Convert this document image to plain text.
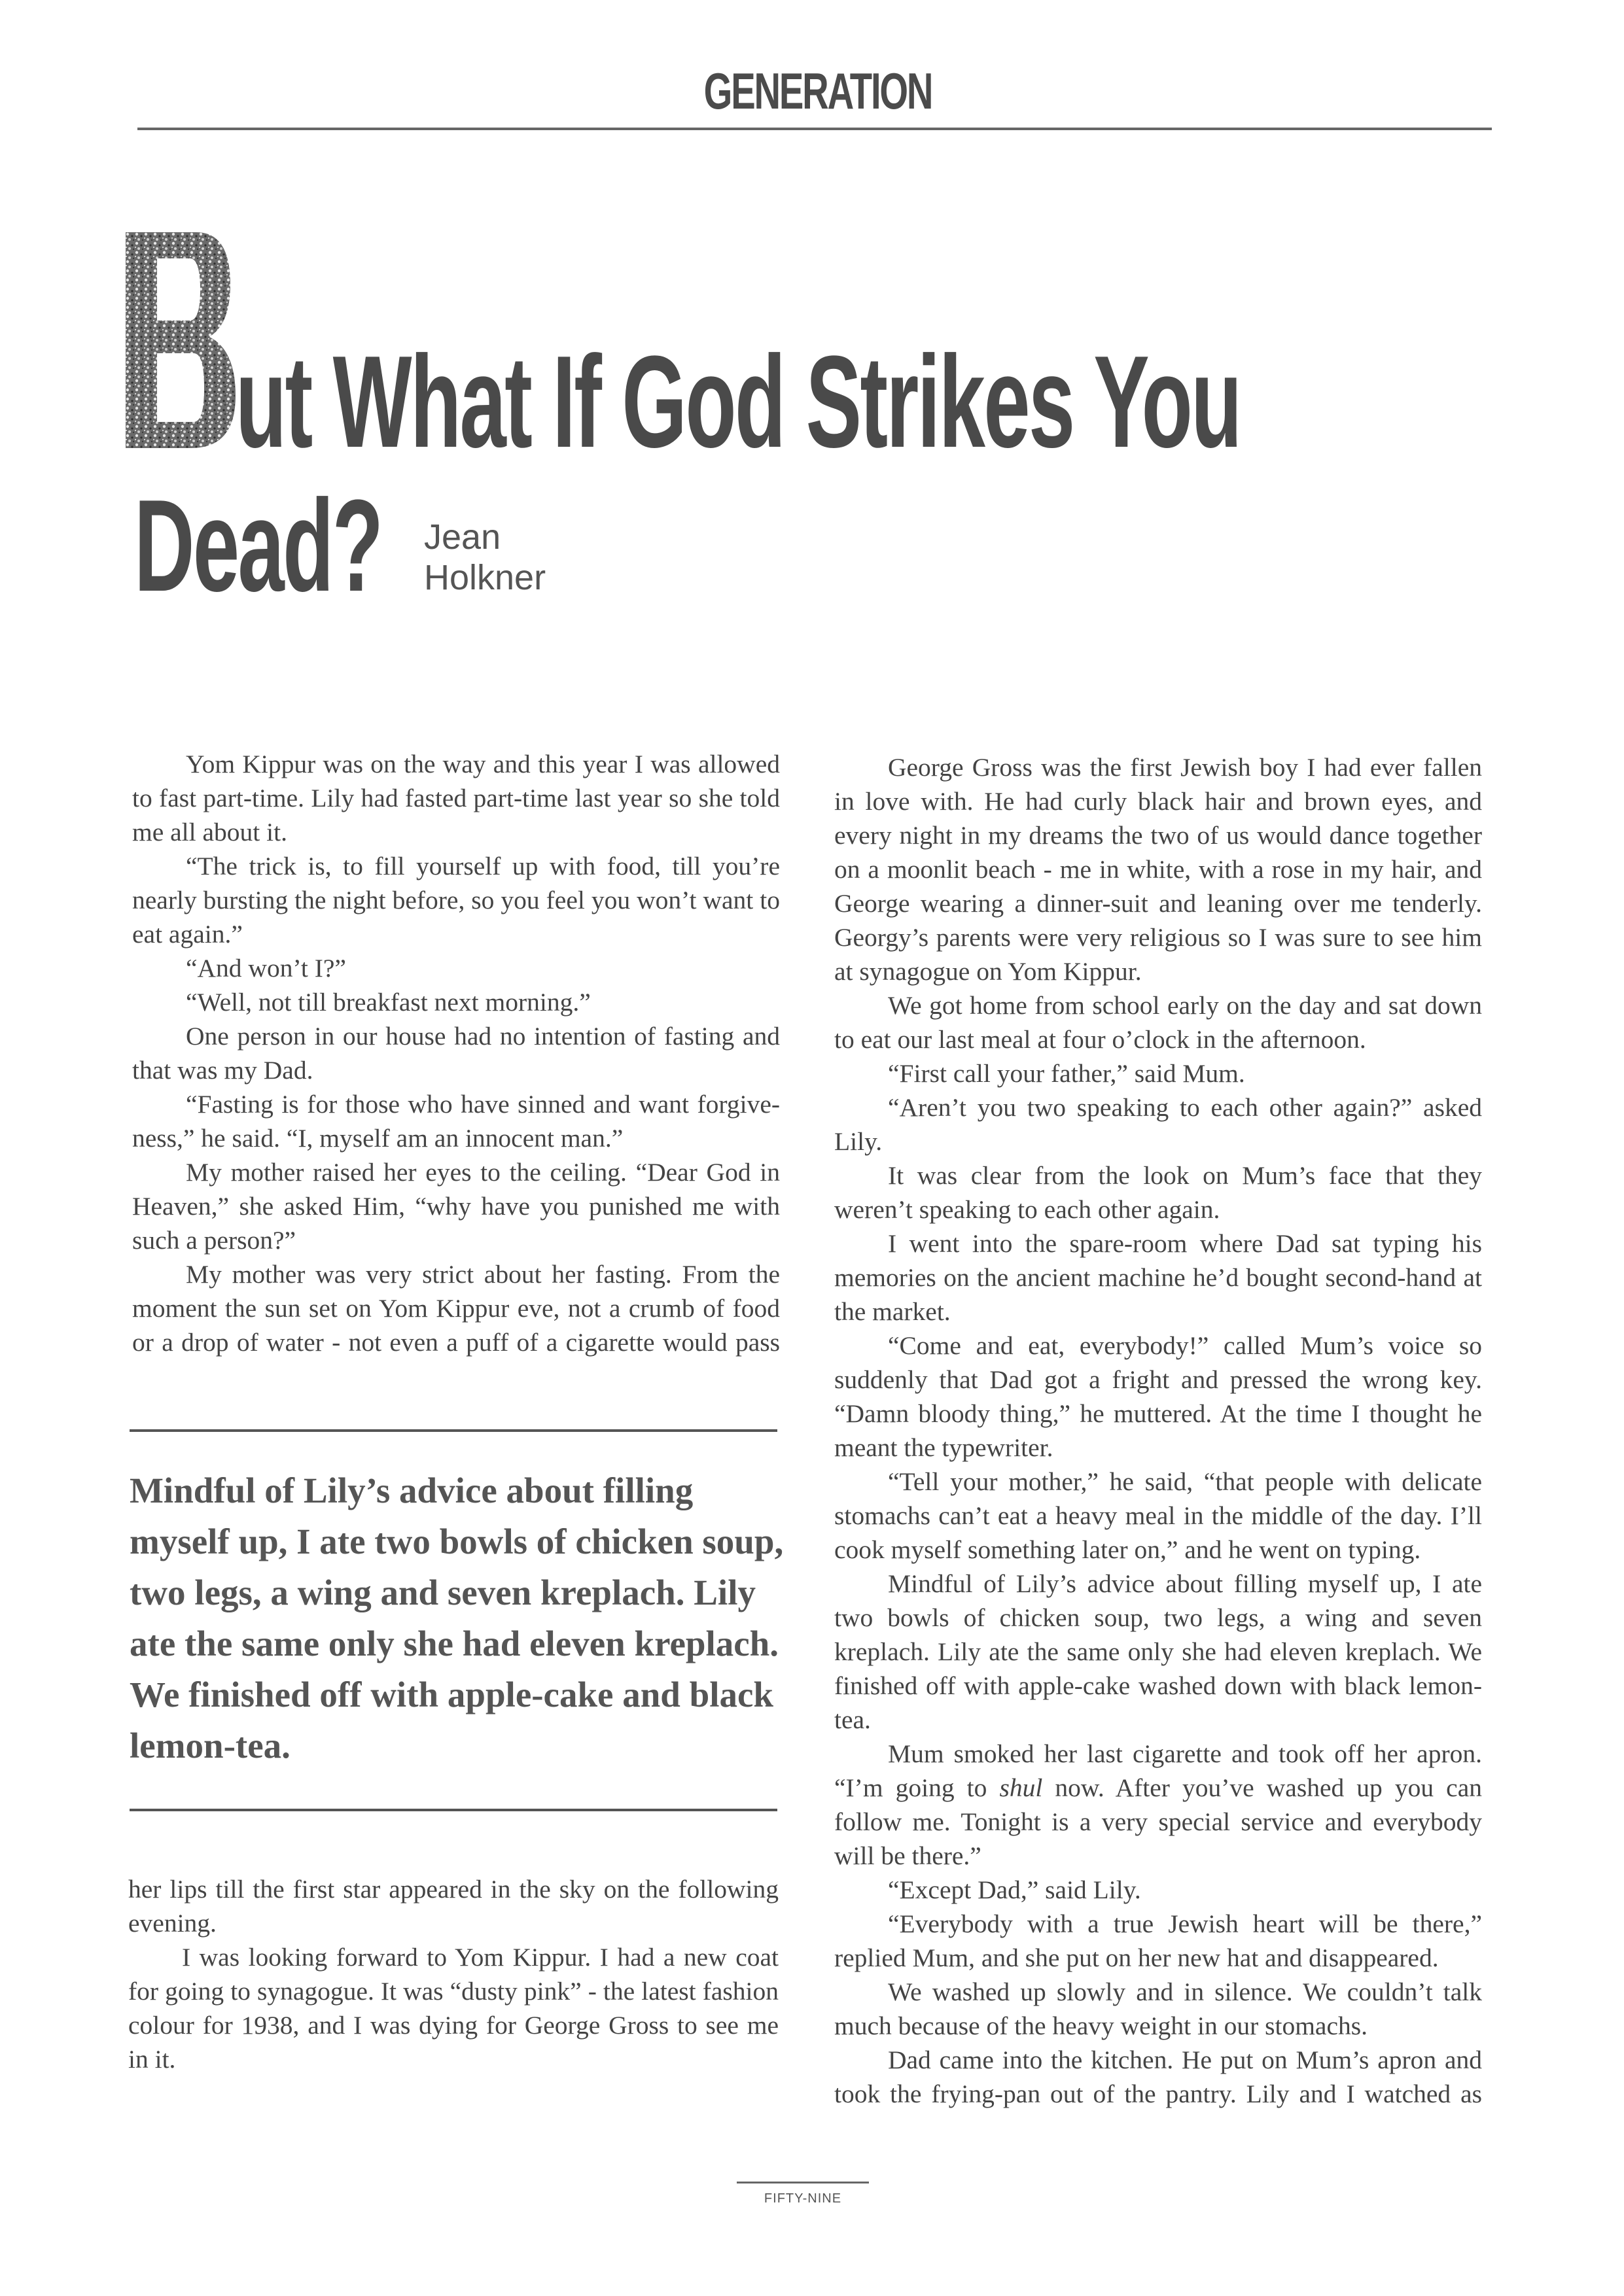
GENERATION
ut What If God Strikes You
Dead? Jean
Holkner

Yom Kippur was on the way and this year I was allowed to fast part-time. Lily had fasted part-time last year so she told me all about it.

“The trick is, to fill yourself up with food, till you’re nearly bursting the night before, so you feel you won’t want to eat again.”

“And won’t I?”

“Well, not till breakfast next morning.”

One person in our house had no intention of fasting and that was my Dad.

“Fasting is for those who have sinned and want forgive-ness,” he said. “I, myself am an innocent man.”

My mother raised her eyes to the ceiling. “Dear God in Heaven,” she asked Him, “why have you punished me with such a person?”

My mother was very strict about her fasting. From the moment the sun set on Yom Kippur eve, not a crumb of food or a drop of water - not even a puff of a cigarette would pass

Mindful of Lily’s advice about filling myself up, I ate two bowls of chicken soup, two legs, a wing and seven kreplach. Lily ate the same only she had eleven kreplach. We finished off with apple-cake and black lemon-tea.

her lips till the first star appeared in the sky on the following evening.

I was looking forward to Yom Kippur. I had a new coat for going to synagogue. It was “dusty pink” - the latest fashion colour for 1938, and I was dying for George Gross to see me in it.

George Gross was the first Jewish boy I had ever fallen in love with. He had curly black hair and brown eyes, and every night in my dreams the two of us would dance together on a moonlit beach - me in white, with a rose in my hair, and George wearing a dinner-suit and leaning over me tenderly. Georgy’s parents were very religious so I was sure to see him at synagogue on Yom Kippur.

We got home from school early on the day and sat down to eat our last meal at four o’clock in the afternoon.

“First call your father,” said Mum.

“Aren’t you two speaking to each other again?” asked Lily.

It was clear from the look on Mum’s face that they weren’t speaking to each other again.

I went into the spare-room where Dad sat typing his memories on the ancient machine he’d bought second-hand at the market.

“Come and eat, everybody!” called Mum’s voice so suddenly that Dad got a fright and pressed the wrong key. “Damn bloody thing,” he muttered. At the time I thought he meant the typewriter.

“Tell your mother,” he said, “that people with delicate stomachs can’t eat a heavy meal in the middle of the day. I’ll cook myself something later on,” and he went on typing.

Mindful of Lily’s advice about filling myself up, I ate two bowls of chicken soup, two legs, a wing and seven kreplach. Lily ate the same only she had eleven kreplach. We finished off with apple-cake washed down with black lemon-tea.

Mum smoked her last cigarette and took off her apron. “I’m going to shul now. After you’ve washed up you can follow me. Tonight is a very special service and everybody will be there.”

“Except Dad,” said Lily.

“Everybody with a true Jewish heart will be there,” replied Mum, and she put on her new hat and disappeared.

We washed up slowly and in silence. We couldn’t talk much because of the heavy weight in our stomachs.

Dad came into the kitchen. He put on Mum’s apron and took the frying-pan out of the pantry. Lily and I watched as

FIFTY-NINE
